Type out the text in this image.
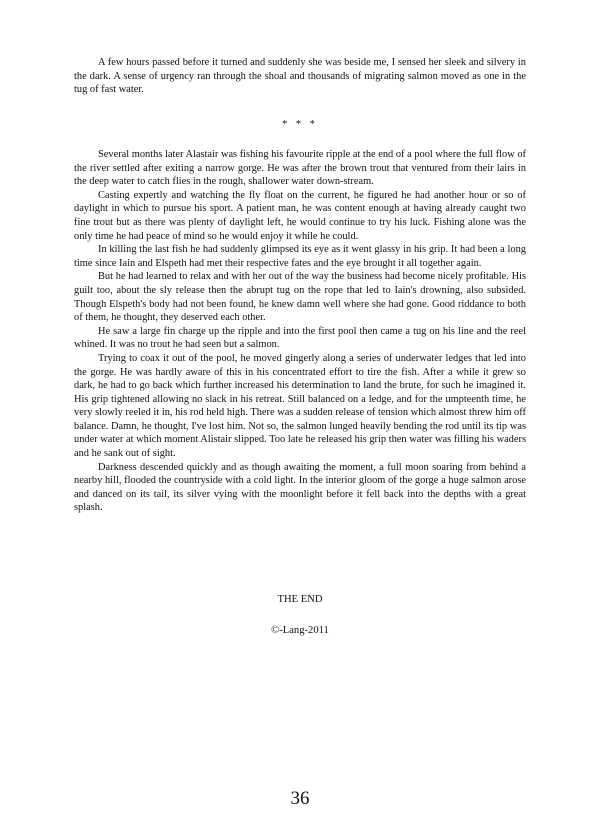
A few hours passed before it turned and suddenly she was beside me, I sensed her sleek and silvery in the dark. A sense of urgency ran through the shoal and thousands of migrating salmon moved as one in the tug of fast water.

* * *

Several months later Alastair was fishing his favourite ripple at the end of a pool where the full flow of the river settled after exiting a narrow gorge. He was after the brown trout that ventured from their lairs in the deep water to catch flies in the rough, shallower water down-stream.

Casting expertly and watching the fly float on the current, he figured he had another hour or so of daylight in which to pursue his sport. A patient man, he was content enough at having already caught two fine trout but as there was plenty of daylight left, he would continue to try his luck. Fishing alone was the only time he had peace of mind so he would enjoy it while he could.

In killing the last fish he had suddenly glimpsed its eye as it went glassy in his grip. It had been a long time since Iain and Elspeth had met their respective fates and the eye brought it all together again.

But he had learned to relax and with her out of the way the business had become nicely profitable. His guilt too, about the sly release then the abrupt tug on the rope that led to Iain's drowning, also subsided. Though Elspeth's body had not been found, he knew damn well where she had gone. Good riddance to both of them, he thought, they deserved each other.

He saw a large fin charge up the ripple and into the first pool then came a tug on his line and the reel whined. It was no trout he had seen but a salmon.

Trying to coax it out of the pool, he moved gingerly along a series of underwater ledges that led into the gorge. He was hardly aware of this in his concentrated effort to tire the fish. After a while it grew so dark, he had to go back which further increased his determination to land the brute, for such he imagined it. His grip tightened allowing no slack in his retreat. Still balanced on a ledge, and for the umpteenth time, he very slowly reeled it in, his rod held high. There was a sudden release of tension which almost threw him off balance. Damn, he thought, I've lost him. Not so, the salmon lunged heavily bending the rod until its tip was under water at which moment Alistair slipped. Too late he released his grip then water was filling his waders and he sank out of sight.

Darkness descended quickly and as though awaiting the moment, a full moon soaring from behind a nearby hill, flooded the countryside with a cold light. In the interior gloom of the gorge a huge salmon arose and danced on its tail, its silver vying with the moonlight before it fell back into the depths with a great splash.

THE END
©-Lang-2011
36
